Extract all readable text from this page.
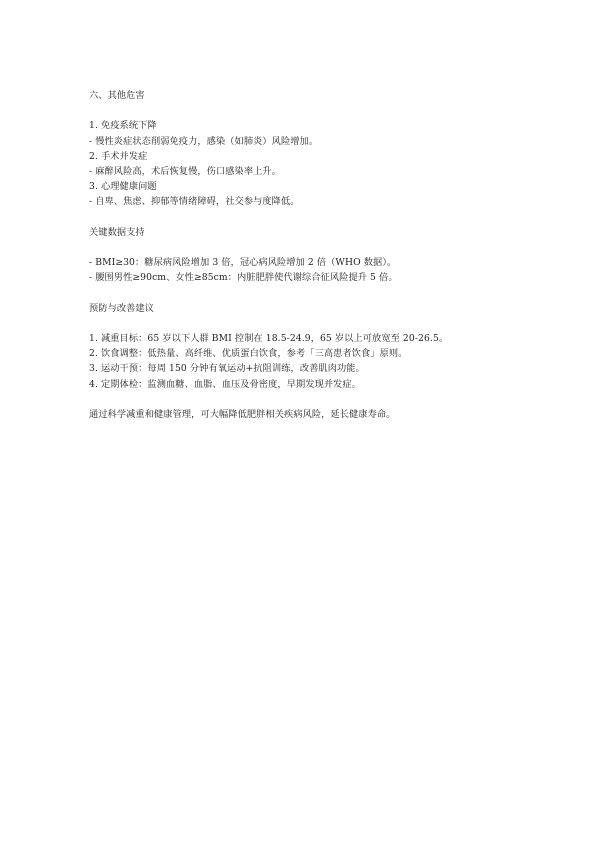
六、其他危害

1. 免疫系统下降

- 慢性炎症状态削弱免疫力，感染（如肺炎）风险增加。

2. 手术并发症

- 麻醉风险高，术后恢复慢，伤口感染率上升。

3. 心理健康问题

- 自卑、焦虑、抑郁等情绪障碍，社交参与度降低。

关键数据支持

- BMI≥30：糖尿病风险增加 3 倍，冠心病风险增加 2 倍（WHO 数据）。

- 腰围男性≥90cm、女性≥85cm：内脏肥胖使代谢综合征风险提升 5 倍。

预防与改善建议

1. 减重目标：65 岁以下人群 BMI 控制在 18.5-24.9，65 岁以上可放宽至 20-26.5。

2. 饮食调整：低热量、高纤维、优质蛋白饮食，参考「三高患者饮食」原则。

3. 运动干预：每周 150 分钟有氧运动+抗阻训练，改善肌肉功能。

4. 定期体检：监测血糖、血脂、血压及骨密度，早期发现并发症。

通过科学减重和健康管理，可大幅降低肥胖相关疾病风险，延长健康寿命。
